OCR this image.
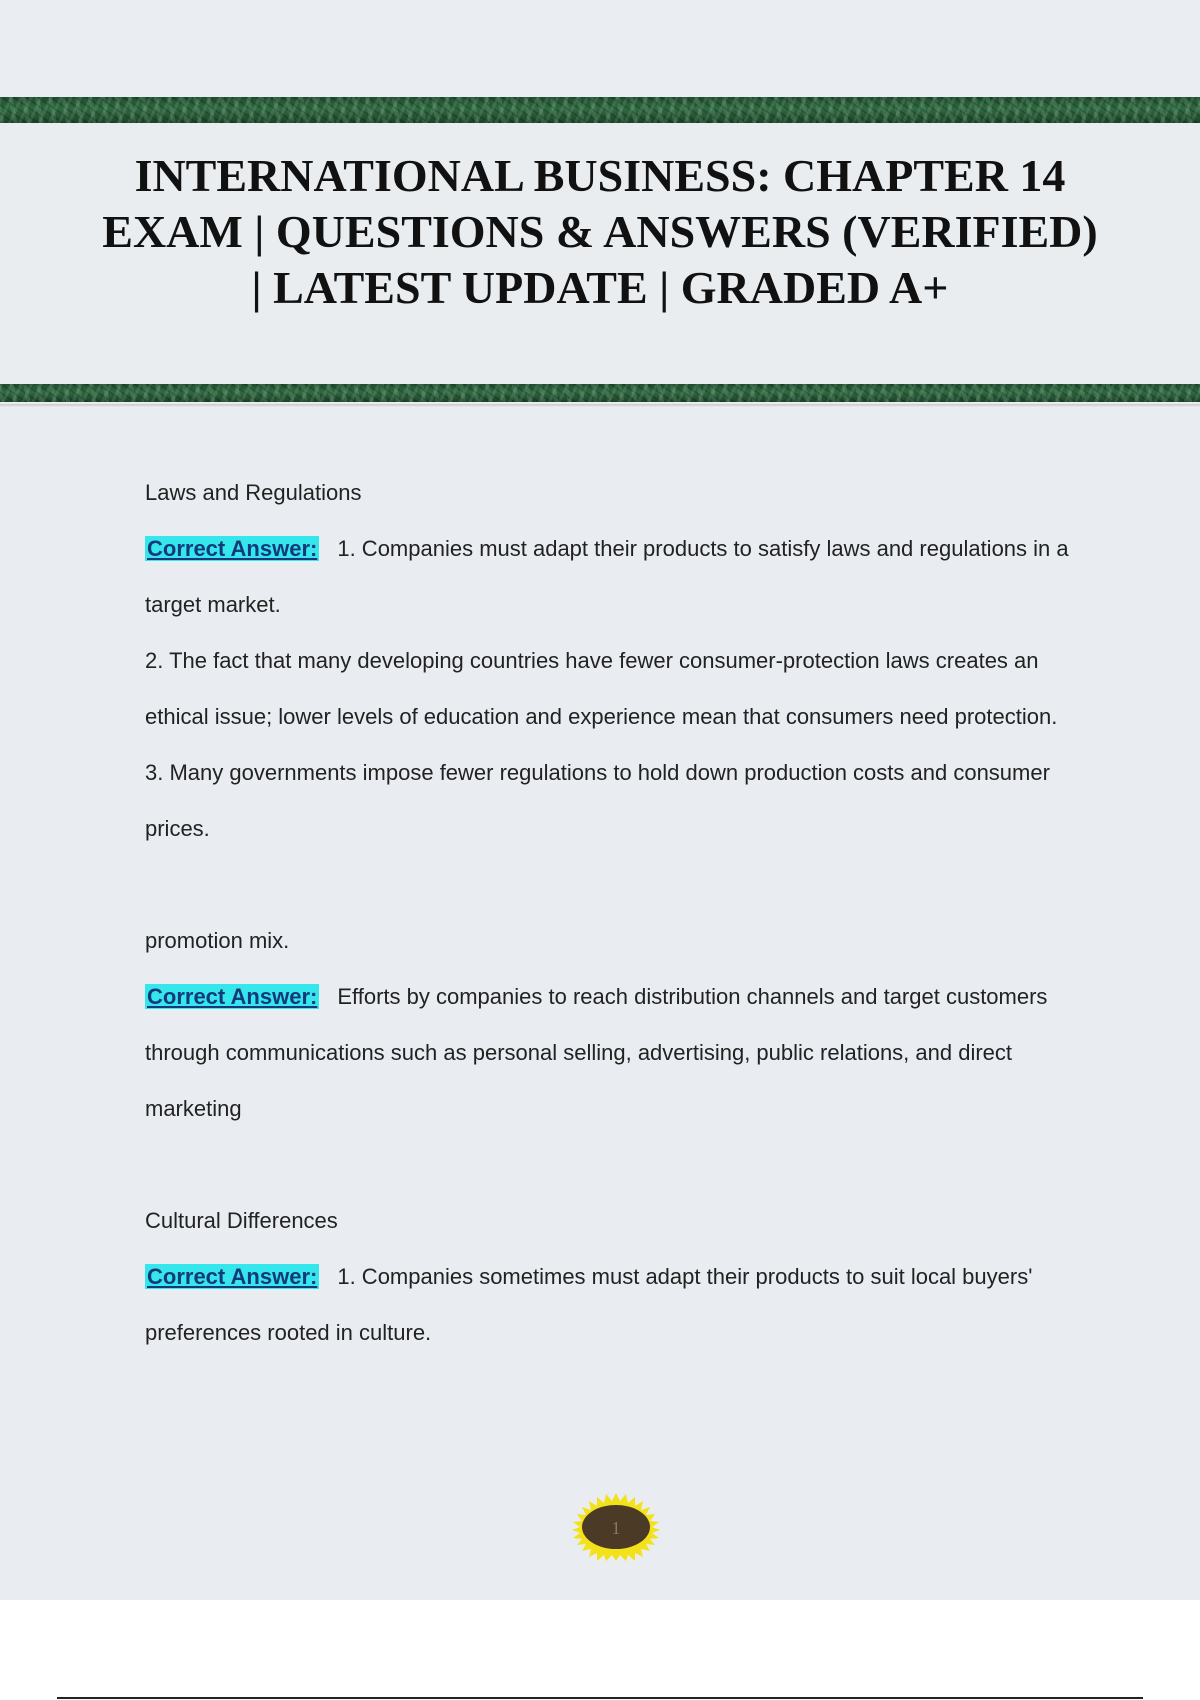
INTERNATIONAL BUSINESS: CHAPTER 14 EXAM | QUESTIONS & ANSWERS (VERIFIED) | LATEST UPDATE | GRADED A+

Laws and Regulations

Correct Answer: 1. Companies must adapt their products to satisfy laws and regulations in a target market.

2. The fact that many developing countries have fewer consumer-protection laws creates an ethical issue; lower levels of education and experience mean that consumers need protection.

3. Many governments impose fewer regulations to hold down production costs and consumer prices.

promotion mix.

Correct Answer: Efforts by companies to reach distribution channels and target customers through communications such as personal selling, advertising, public relations, and direct marketing

Cultural Differences

Correct Answer: 1. Companies sometimes must adapt their products to suit local buyers' preferences rooted in culture.

1
